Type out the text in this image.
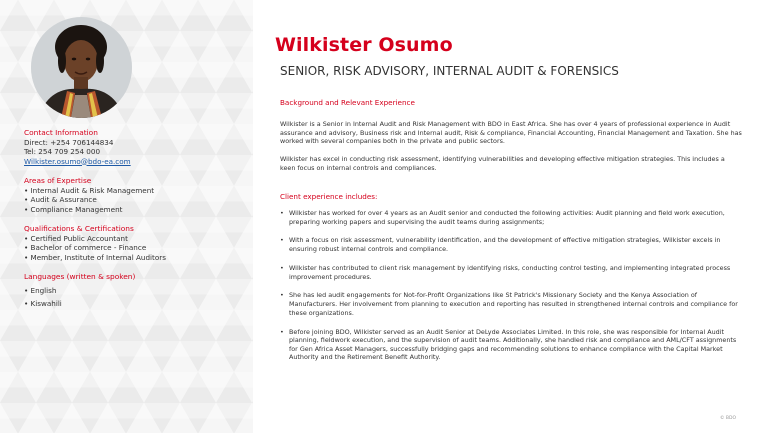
Contact Information
Direct: +254 706144834
Tel: 254 709 254 000
Wilkister.osumo@bdo-ea.com
Areas of Expertise
• Internal Audit & Risk Management
• Audit & Assurance
• Compliance Management
Qualifications & Certifications
• Certified Public Accountant
• Bachelor of commerce - Finance
• Member, Institute of Internal Auditors
Languages (written & spoken)
• English
• Kiswahili
Wilkister Osumo
SENIOR, RISK ADVISORY, INTERNAL AUDIT & FORENSICS
Background and Relevant Experience
Wilkister is a Senior in Internal Audit and Risk Management with BDO in East Africa. She has over 4 years of professional experience in Audit assurance and advisory, Business risk and Internal audit, Risk & compliance, Financial Accounting, Financial Management and Taxation. She has worked with several companies both in the private and public sectors.
Wilkister has excel in conducting risk assessment, identifying vulnerabilities and developing effective mitigation strategies. This includes a keen focus on internal controls and compliances.
Client experience includes:
• Wilkister has worked for over 4 years as an Audit senior and conducted the following activities: Audit planning and field work execution, preparing working papers and supervising the audit teams during assignments;
• With a focus on risk assessment, vulnerability identification, and the development of effective mitigation strategies, Wilkister excels in ensuring robust internal controls and compliance.
• Wilkister has contributed to client risk management by identifying risks, conducting control testing, and implementing integrated process improvement procedures.
• She has led audit engagements for Not-for-Profit Organizations like St Patrick's Missionary Society and the Kenya Association of Manufacturers. Her involvement from planning to execution and reporting has resulted in strengthened internal controls and compliance for these organizations.
• Before joining BDO, Wilkister served as an Audit Senior at DeLyde Associates Limited. In this role, she was responsible for Internal Audit planning, fieldwork execution, and the supervision of audit teams. Additionally, she handled risk and compliance and AML/CFT assignments for Gen Africa Asset Managers, successfully bridging gaps and recommending solutions to enhance compliance with the Capital Market Authority and the Retirement Benefit Authority.
© BDO
